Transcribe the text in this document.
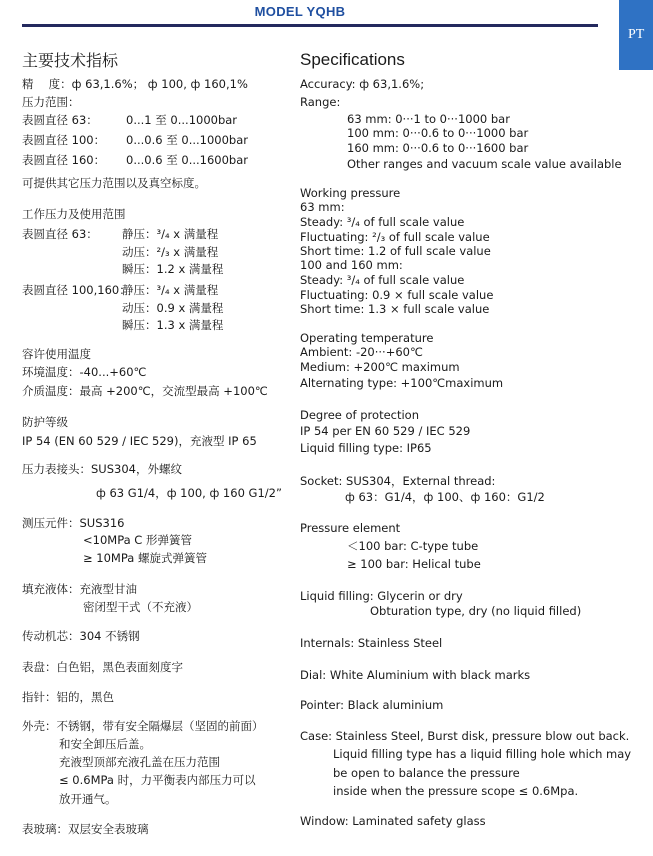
MODEL YQHB
PT
主要技术指标
精　 度：ф 63,1.6%； ф 100, ф 160,1%
压力范围：
表圆直径 63： 0...1 至 0...1000bar
表圆直径 100： 0...0.6 至 0...1000bar
表圆直径 160： 0...0.6 至 0...1600bar
可提供其它压力范围以及真空标度。
工作压力及使用范围
表圆直径 63： 静压：³/₄ x 满量程
动压：²/₃ x 满量程
瞬压：1.2 x 满量程
表圆直径 100,160：
静压：³/₄ x 满量程
动压：0.9 x 满量程
瞬压：1.3 x 满量程
容许使用温度
环境温度：-40...+60℃
介质温度：最高 +200℃，交流型最高 +100℃
防护等级
IP 54 (EN 60 529 / IEC 529)，充液型 IP 65
压力表接头：SUS304，外螺纹
ф 63 G1/4，ф 100, ф 160 G1/2”
测压元件：SUS316
<10MPa C 形弹簧管
≥ 10MPa 螺旋式弹簧管
填充液体：充液型甘油
密闭型干式（不充液）
传动机芯：304 不锈钢
表盘：白色铝，黑色表面刻度字
指针：铝的，黑色
外壳：不锈钢，带有安全隔爆层（坚固的前面）
和安全卸压后盖。
充液型顶部充液孔盖在压力范围
≤ 0.6MPa 时，力平衡表内部压力可以
放开通气。
表玻璃：双层安全表玻璃
Specifications
Accuracy: ф 63,1.6%;
Range:
63 mm: 0···1 to 0···1000 bar
100 mm: 0···0.6 to 0···1000 bar
160 mm: 0···0.6 to 0···1600 bar
Other ranges and vacuum scale value available
Working pressure
63 mm:
Steady: ³/₄ of full scale value
Fluctuating: ²/₃ of full scale value
Short time: 1.2 of full scale value
100 and 160 mm:
Steady: ³/₄ of full scale value
Fluctuating: 0.9 × full scale value
Short time: 1.3 × full scale value
Operating temperature
Ambient: -20···+60℃
Medium: +200℃ maximum
Alternating type: +100℃maximum
Degree of protection
IP 54 per EN 60 529 / IEC 529
Liquid filling type: IP65
Socket: SUS304，External thread:
ф 63：G1/4，ф 100、ф 160：G1/2
Pressure element
＜100 bar: C-type tube
≥ 100 bar: Helical tube
Liquid filling: Glycerin or dry
Obturation type, dry (no liquid filled)
Internals: Stainless Steel
Dial: White Aluminium with black marks
Pointer: Black aluminium
Case: Stainless Steel, Burst disk, pressure blow out back.
Liquid filling type has a liquid filling hole which may
be open to balance the pressure
inside when the pressure scope ≤ 0.6Mpa.
Window: Laminated safety glass
